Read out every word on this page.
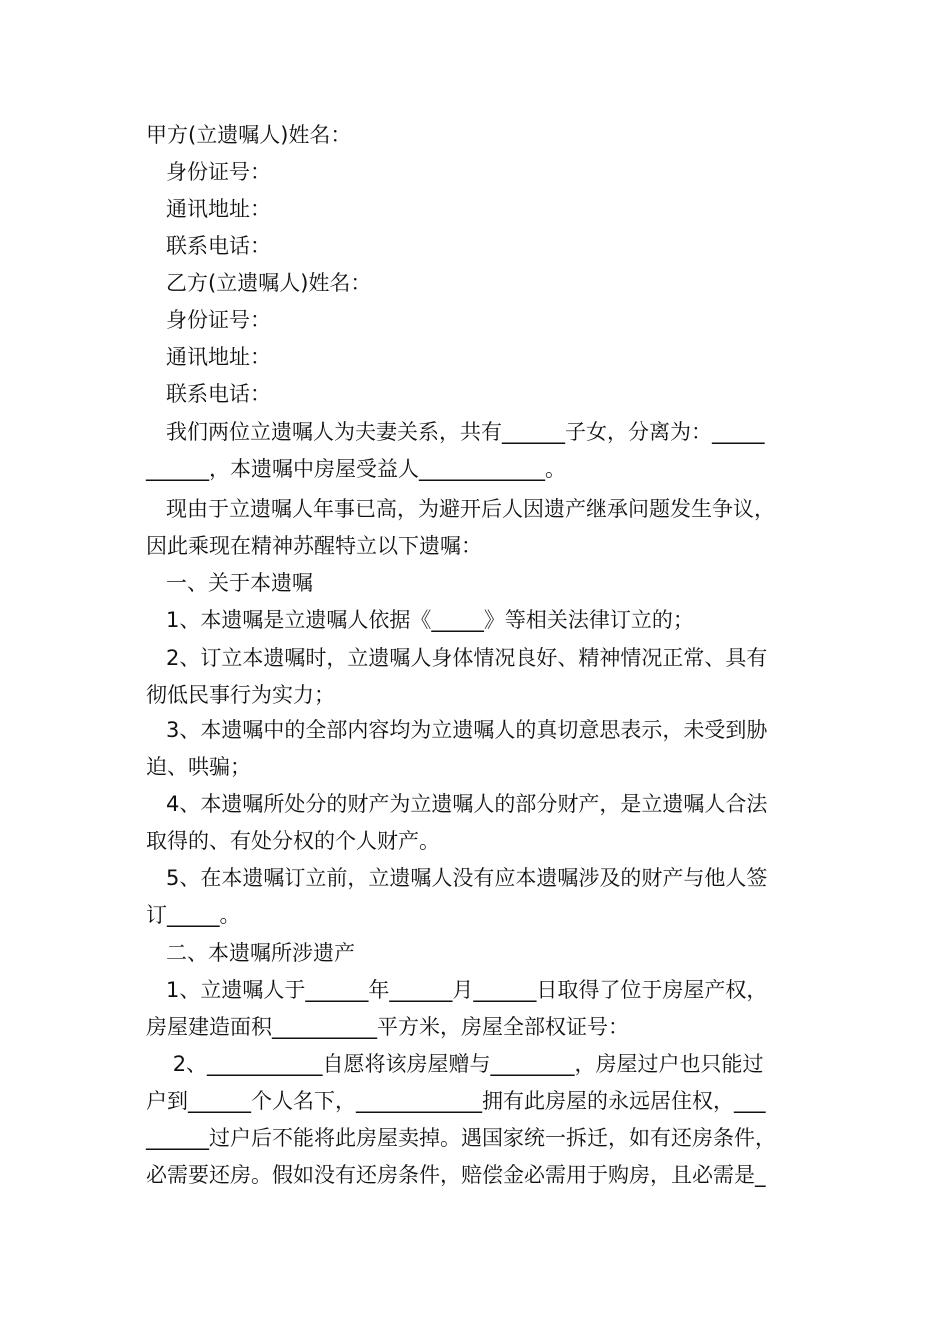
甲方(立遗嘱人)姓名：
身份证号：
通讯地址：
联系电话：
乙方(立遗嘱人)姓名：
身份证号：
通讯地址：
联系电话：
我们两位立遗嘱人为夫妻关系，共有______子女，分离为：_____
______，本遗嘱中房屋受益人____________。
现由于立遗嘱人年事已高，为避开后人因遗产继承问题发生争议，
因此乘现在精神苏醒特立以下遗嘱：
一、关于本遗嘱
1、本遗嘱是立遗嘱人依据《_____》等相关法律订立的；
2、订立本遗嘱时，立遗嘱人身体情况良好、精神情况正常、具有
彻低民事行为实力；
3、本遗嘱中的全部内容均为立遗嘱人的真切意思表示，未受到胁
迫、哄骗；
4、本遗嘱所处分的财产为立遗嘱人的部分财产，是立遗嘱人合法
取得的、有处分权的个人财产。
5、在本遗嘱订立前，立遗嘱人没有应本遗嘱涉及的财产与他人签
订_____。
二、本遗嘱所涉遗产
1、立遗嘱人于______年______月______日取得了位于房屋产权，
房屋建造面积__________平方米，房屋全部权证号：
2、___________自愿将该房屋赠与________，房屋过户也只能过
户到______个人名下，____________拥有此房屋的永远居住权，___
______过户后不能将此房屋卖掉。遇国家统一拆迁，如有还房条件，
必需要还房。假如没有还房条件，赔偿金必需用于购房，且必需是_
